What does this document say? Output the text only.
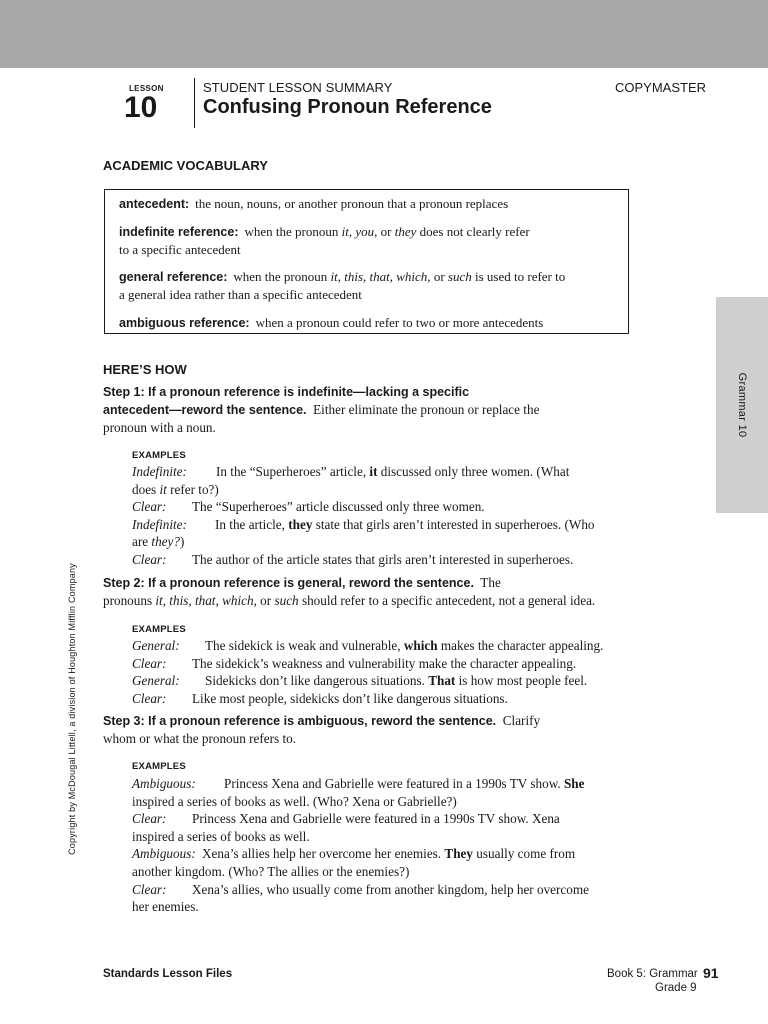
LESSON
10
STUDENT LESSON SUMMARY
Confusing Pronoun Reference
COPYMASTER
ACADEMIC VOCABULARY
antecedent: the noun, nouns, or another pronoun that a pronoun replaces
indefinite reference: when the pronoun it, you, or they does not clearly refer
to a specific antecedent
general reference: when the pronoun it, this, that, which, or such is used to refer to
a general idea rather than a specific antecedent
ambiguous reference: when a pronoun could refer to two or more antecedents
HERE’S HOW
Step 1: If a pronoun reference is indefinite—lacking a specific
antecedent—reword the sentence. Either eliminate the pronoun or replace the
pronoun with a noun.
EXAMPLES

Indefinite: In the “Superheroes” article, it discussed only three women. (What

does it refer to?)

Clear: The “Superheroes” article discussed only three women.

Indefinite: In the article, they state that girls aren’t interested in superheroes. (Who

are they?)

Clear: The author of the article states that girls aren’t interested in superheroes.

Step 2: If a pronoun reference is general, reword the sentence. The
pronouns it, this, that, which, or such should refer to a specific antecedent, not a general idea.
EXAMPLES

General: The sidekick is weak and vulnerable, which makes the character appealing.

Clear: The sidekick’s weakness and vulnerability make the character appealing.

General: Sidekicks don’t like dangerous situations. That is how most people feel.

Clear: Like most people, sidekicks don’t like dangerous situations.

Step 3: If a pronoun reference is ambiguous, reword the sentence. Clarify
whom or what the pronoun refers to.
EXAMPLES

Ambiguous: Princess Xena and Gabrielle were featured in a 1990s TV show. She

inspired a series of books as well. (Who? Xena or Gabrielle?)

Clear: Princess Xena and Gabrielle were featured in a 1990s TV show. Xena

inspired a series of books as well.

Ambiguous: Xena’s allies help her overcome her enemies. They usually come from

another kingdom. (Who? The allies or the enemies?)

Clear: Xena’s allies, who usually come from another kingdom, help her overcome

her enemies.

Grammar 10
Copyright by McDougal Littell, a division of Houghton Mifflin Company
Standards Lesson Files	Book 5: Grammar
Grade 9
91
